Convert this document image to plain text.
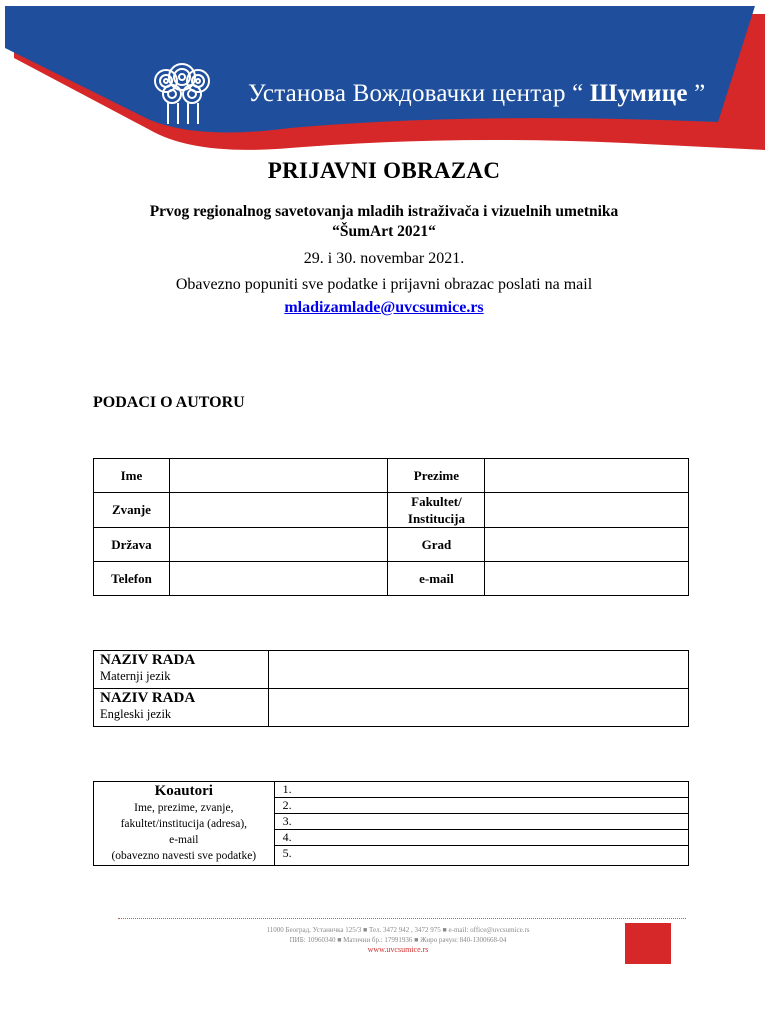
Установа Вождовачки центар “ Шумице ”
PRIJAVNI OBRAZAC
Prvog regionalnog savetovanja mladih istraživača i vizuelnih umetnika
“ŠumArt 2021“
29. i 30. novembar 2021.
Obavezno popuniti sve podatke i prijavni obrazac poslati na mail
mladizamlade@uvcsumice.rs
PODACI O AUTORU
Ime		Prezime	
Zvanje		Fakultet/
Institucija	
Država		Grad	
Telefon		e-mail	
NAZIV RADA
Maternji jezik	

NAZIV RADA
Engleski jezik	

Koautori
Ime, prezime, zvanje,
fakultet/institucija (adresa),
e-mail
(obavezno navesti sve podatke)
	1.
2.
3.
4.
5.
11000 Београд, Устаничка 125/3 ■ Тел. 3472 942 , 3472 975 ■ e-mail: office@uvcsumice.rs
ПИБ: 10960340 ■ Матични бр.: 17991936 ■ Жиро рачун: 840-1300668-04
www.uvcsumice.rs
